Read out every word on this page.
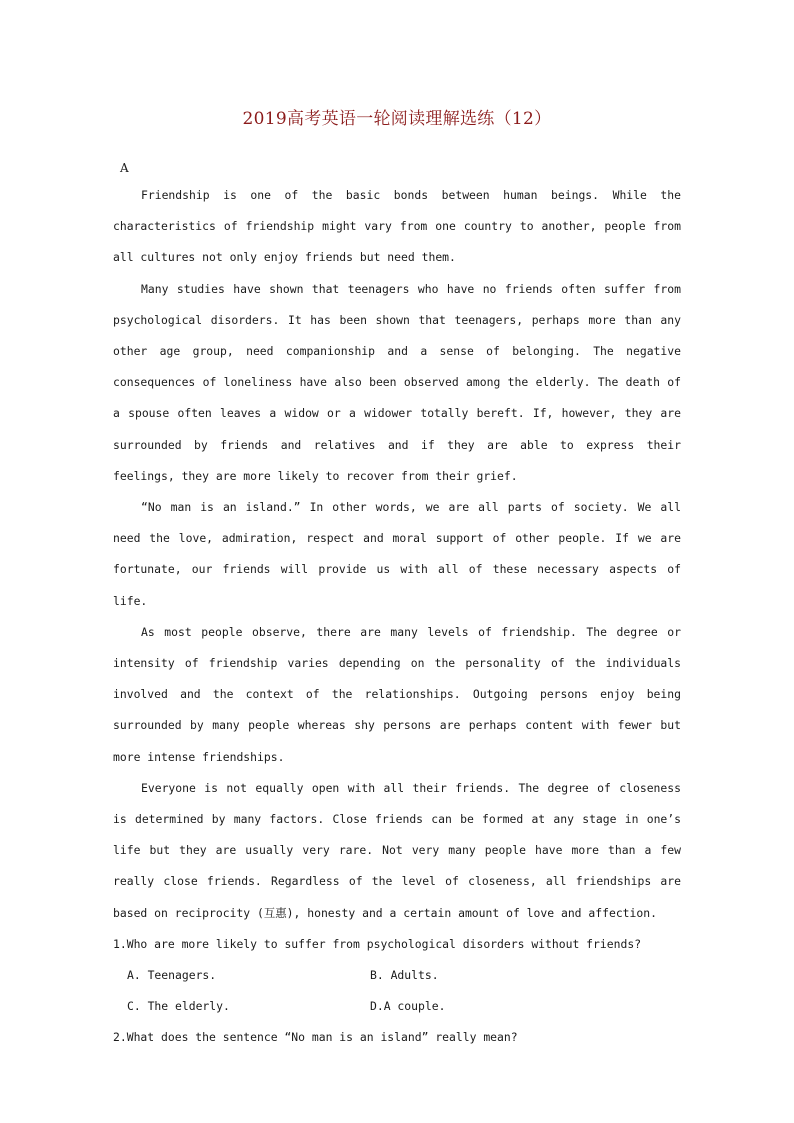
2019高考英语一轮阅读理解选练（12）
A

Friendship is one of the basic bonds between human beings. While the characteristics of friendship might vary from one country to another, people from all cultures not only enjoy friends but need them.

Many studies have shown that teenagers who have no friends often suffer from psychological disorders. It has been shown that teenagers, perhaps more than any other age group, need companionship and a sense of belonging. The negative consequences of loneliness have also been observed among the elderly. The death of a spouse often leaves a widow or a widower totally bereft. If, however, they are surrounded by friends and relatives and if they are able to express their feelings, they are more likely to recover from their grief.

“No man is an island.” In other words, we are all parts of society. We all need the love, admiration, respect and moral support of other people. If we are fortunate, our friends will provide us with all of these necessary aspects of life.

As most people observe, there are many levels of friendship. The degree or intensity of friendship varies depending on the personality of the individuals involved and the context of the relationships. Outgoing persons enjoy being surrounded by many people whereas shy persons are perhaps content with fewer but more intense friendships.

Everyone is not equally open with all their friends. The degree of closeness is determined by many factors. Close friends can be formed at any stage in one’s life but they are usually very rare. Not very many people have more than a few really close friends. Regardless of the level of closeness, all friendships are based on reciprocity (互惠), honesty and a certain amount of love and affection.

1.Who are more likely to suffer from psychological disorders without friends?

A. Teenagers.	B. Adults.
C. The elderly.	D.A couple.

2.What does the sentence “No man is an island” really mean?
